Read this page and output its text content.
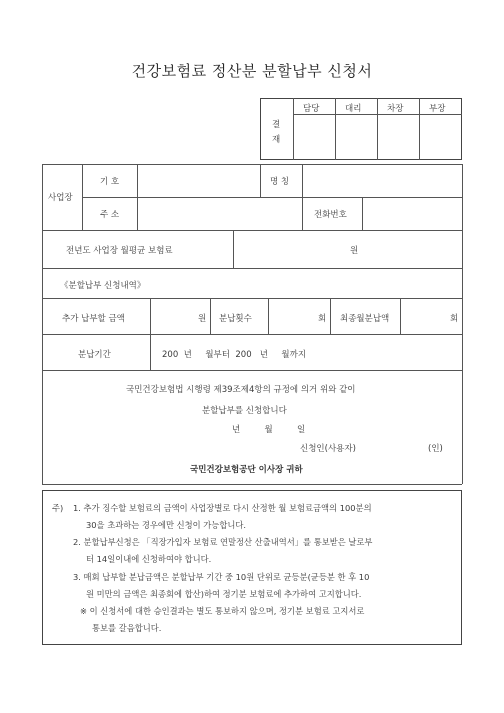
건강보험료 정산분 분할납부 신청서
결
재
담당	대리	차장	부장
사업장
기 호	명 칭
주 소	전화번호
전년도 사업장 월평균 보험료	원
《분할납부 신청내역》
추가 납부할 금액	원 분납횟수	회 최종월분납액	회
분납기간	200  년     월부터  200   년     월까지
국민건강보험법 시행령 제39조제4항의 규정에 의거 위와 같이
분할납부를 신청합니다
년         월         일
신청인(사용자)	(인)
국민건강보험공단 이사장 귀하
주) 1. 추가 징수할 보험료의 금액이 사업장별로 다시 산정한 월 보험료금액의 100분의
30을 초과하는 경우에만 신청이 가능합니다.
2. 분할납부신청은 「직장가입자 보험료 연말정산 산출내역서」를 통보받은 날로부
터 14일이내에 신청하여야 합니다.
3. 매회 납부할 분납금액은 분할납부 기간 중 10원 단위로 균등분(균등분 한 후 10
원 미만의 금액은 최종회에 합산)하여 정기분 보험료에 추가하여 고지합니다.
※ 이 신청서에 대한 승인결과는 별도 통보하지 않으며, 정기분 보험료 고지서로
통보를 갈음합니다.
